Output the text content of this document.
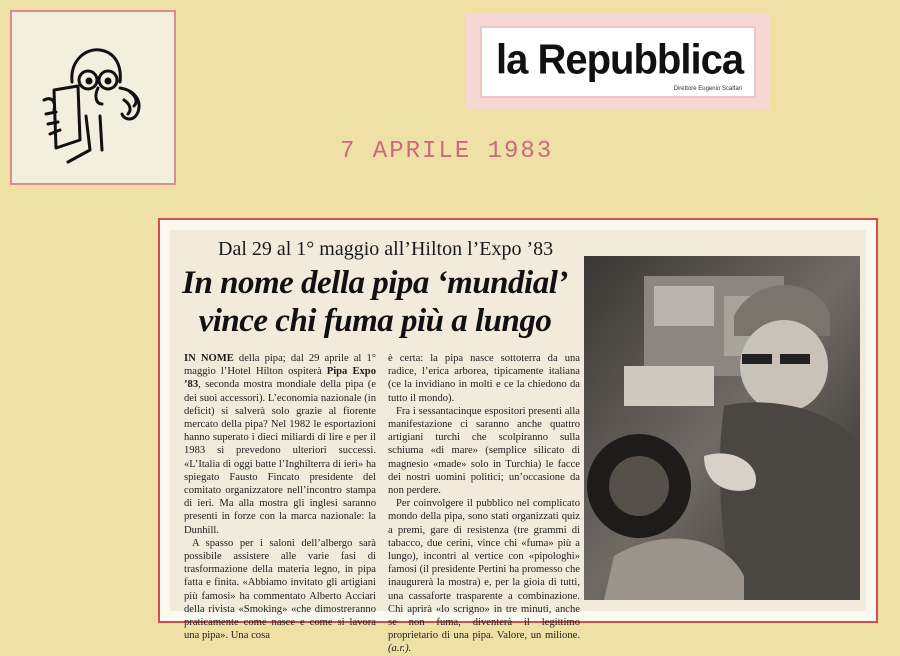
la Repubblica
Direttore Eugenio Scalfari
7 APRILE 1983
Dal 29 al 1° maggio all’Hilton l’Expo ’83
In nome della pipa ‘mundial’
vince chi fuma più a lungo

IN NOME della pipa; dal 29 aprile al 1° maggio l’Hotel Hilton ospiterà Pipa Expo ’83, seconda mostra mondiale della pipa (e dei suoi accessori). L’economia nazionale (in deficit) si salverà solo grazie al fiorente mercato della pipa? Nel 1982 le esportazioni hanno superato i dieci miliardi di lire e per il 1983 si prevedono ulteriori successi. «L’Italia di oggi batte l’Inghilterra di ieri» ha spiegato Fausto Fincato presidente del comitato organizzatore nell’incontro stampa di ieri. Ma alla mostra gli inglesi saranno presenti in forze con la marca nazionale: la Dunhill.

A spasso per i saloni dell’albergo sarà possibile assistere alle varie fasi di trasformazione della materia legno, in pipa fatta e finita. «Abbiamo invitato gli artigiani più famosi» ha commentato Alberto Acciari della rivista «Smoking» «che dimostreranno praticamente come nasce e come si lavora una pipa». Una cosa

è certa: la pipa nasce sottoterra da una radice, l’erica arborea, tipicamente italiana (ce la invidiano in molti e ce la chiedono da tutto il mondo).

Fra i sessantacinque espositori presenti alla manifestazione ci saranno anche quattro artigiani turchi che scolpiranno sulla schiuma «di mare» (semplice silicato di magnesio «made» solo in Turchia) le facce dei nostri uomini politici; un’occasione da non perdere.

Per coinvolgere il pubblico nel complicato mondo della pipa, sono stati organizzati quiz a premi, gare di resistenza (tre grammi di tabacco, due cerini, vince chi «fuma» più a lungo), incontri al vertice con «pipologhi» famosi (il presidente Pertini ha promesso che inaugurerà la mostra) e, per la gioia di tutti, una cassaforte trasparente a combinazione. Chi aprirà «lo scrigno» in tre minuti, anche se non fuma, diventerà il legittimo proprietario di una pipa. Valore, un milione. (a.r.).
